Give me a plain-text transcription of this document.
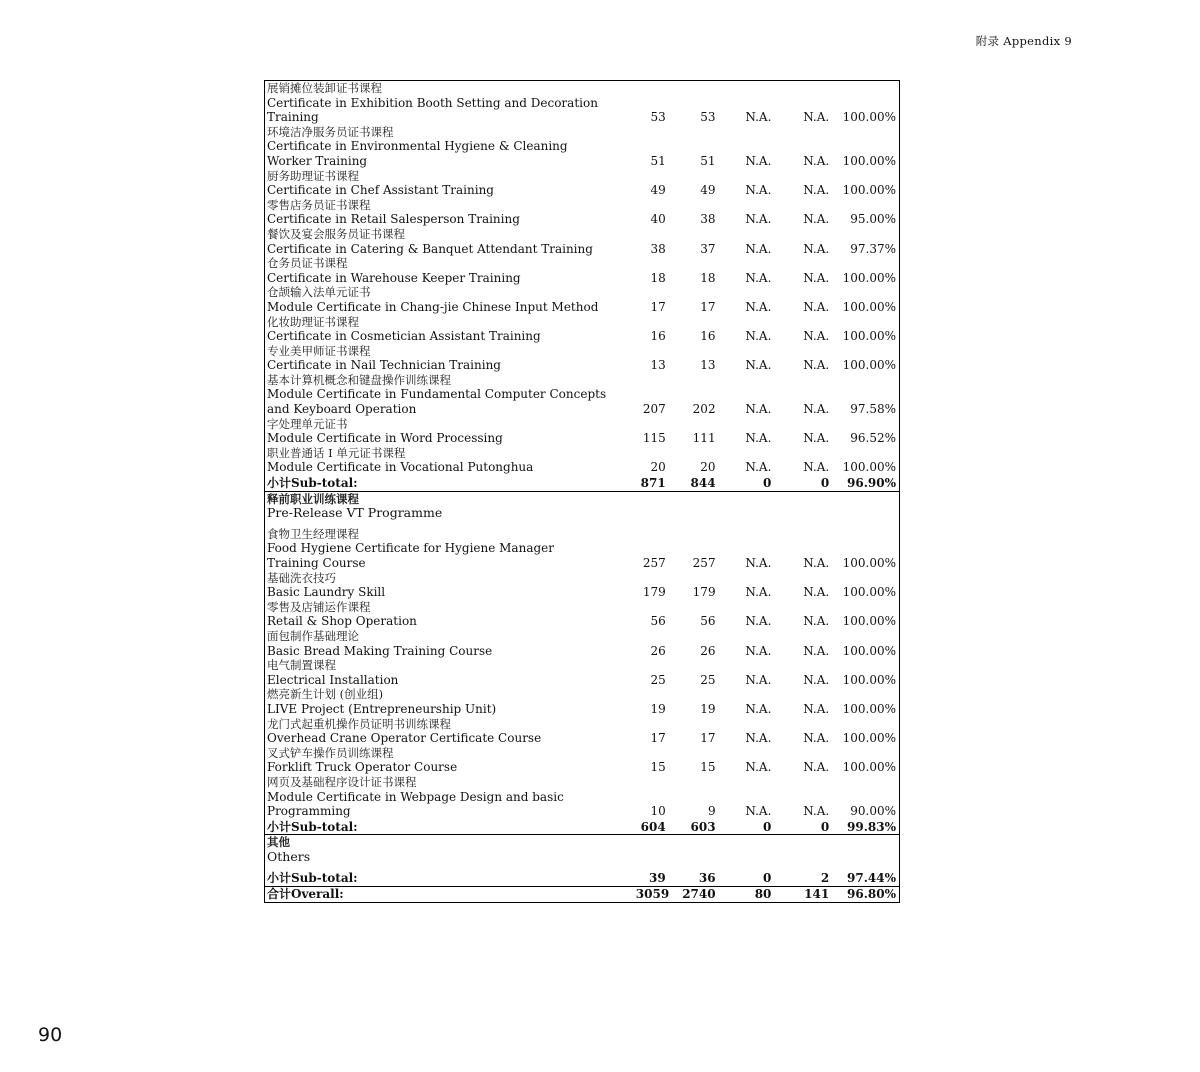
附录 Appendix 9
展销摊位装卸证书课程
Certificate in Exhibition Booth Setting and Decoration
Training	53	53	N.A.	N.A.	100.00%
环境洁净服务员证书课程
Certificate in Environmental Hygiene & Cleaning
Worker Training	51	51	N.A.	N.A.	100.00%
厨务助理证书课程
Certificate in Chef Assistant Training	49	49	N.A.	N.A.	100.00%
零售店务员证书课程
Certificate in Retail Salesperson Training	40	38	N.A.	N.A.	95.00%
餐饮及宴会服务员证书课程
Certificate in Catering & Banquet Attendant Training	38	37	N.A.	N.A.	97.37%
仓务员证书课程
Certificate in Warehouse Keeper Training	18	18	N.A.	N.A.	100.00%
仓颉输入法单元证书
Module Certificate in Chang-jie Chinese Input Method	17	17	N.A.	N.A.	100.00%
化妆助理证书课程
Certificate in Cosmetician Assistant Training	16	16	N.A.	N.A.	100.00%
专业美甲师证书课程
Certificate in Nail Technician Training	13	13	N.A.	N.A.	100.00%
基本计算机概念和键盘操作训练课程
Module Certificate in Fundamental Computer Concepts
and Keyboard Operation	207	202	N.A.	N.A.	97.58%
字处理单元证书
Module Certificate in Word Processing	115	111	N.A.	N.A.	96.52%
职业普通话 I 单元证书课程
Module Certificate in Vocational Putonghua	20	20	N.A.	N.A.	100.00%
小计Sub-total:	871	844	0	0	96.90%
释前职业训练课程
Pre-Release VT Programme
食物卫生经理课程
Food Hygiene Certificate for Hygiene Manager
Training Course	257	257	N.A.	N.A.	100.00%
基础洗衣技巧
Basic Laundry Skill	179	179	N.A.	N.A.	100.00%
零售及店铺运作课程
Retail & Shop Operation	56	56	N.A.	N.A.	100.00%
面包制作基础理论
Basic Bread Making Training Course	26	26	N.A.	N.A.	100.00%
电气制置课程
Electrical Installation	25	25	N.A.	N.A.	100.00%
燃亮新生计划 (创业组)
LIVE Project (Entrepreneurship Unit)	19	19	N.A.	N.A.	100.00%
龙门式起重机操作员证明书训练课程
Overhead Crane Operator Certificate Course	17	17	N.A.	N.A.	100.00%
叉式铲车操作员训练课程
Forklift Truck Operator Course	15	15	N.A.	N.A.	100.00%
网页及基础程序设计证书课程
Module Certificate in Webpage Design and basic
Programming	10	9	N.A.	N.A.	90.00%
小计Sub-total:	604	603	0	0	99.83%
其他
Others
小计Sub-total:	39	36	0	2	97.44%
合计Overall:	3059	2740	80	141	96.80%
90
